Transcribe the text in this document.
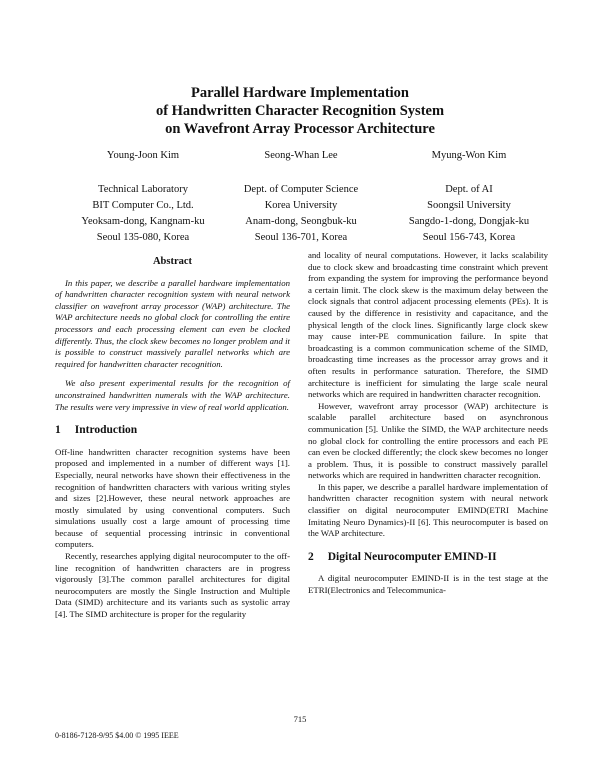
Parallel Hardware Implementation
of Handwritten Character Recognition System
on Wavefront Array Processor Architecture
Young-Joon Kim
Technical Laboratory
BIT Computer Co., Ltd.
Yeoksam-dong, Kangnam-ku
Seoul 135-080, Korea
Seong-Whan Lee
Dept. of Computer Science
Korea University
Anam-dong, Seongbuk-ku
Seoul 136-701, Korea
Myung-Won Kim
Dept. of AI
Soongsil University
Sangdo-1-dong, Dongjak-ku
Seoul 156-743, Korea
Abstract

In this paper, we describe a parallel hardware implementation of handwritten character recognition system with neural network classifier on wavefront array processor (WAP) architecture. The WAP architecture needs no global clock for controlling the entire processors and each processing element can even be clocked differently. Thus, the clock skew becomes no longer problem and it is possible to construct massively parallel networks which are required for handwritten character recognition.

We also present experimental results for the recognition of unconstrained handwritten numerals with the WAP architecture. The results were very impressive in view of real world application.

1 Introduction

Off-line handwritten character recognition systems have been proposed and implemented in a number of different ways [1]. Especially, neural networks have shown their effectiveness in the recognition of handwritten characters with various writing styles and sizes [2].However, these neural network approaches are mostly simulated by using conventional computers. Such simulations usually cost a large amount of processing time because of sequential processing intrinsic in conventional computers.

Recently, researches applying digital neurocomputer to the off-line recognition of handwritten characters are in progress vigorously [3].The common parallel architectures for digital neurocomputers are mostly the Single Instruction and Multiple Data (SIMD) architecture and its variants such as systolic array [4]. The SIMD architecture is proper for the regularity

and locality of neural computations. However, it lacks scalability due to clock skew and broadcasting time constraint which prevent from expanding the system for improving the performance beyond a certain limit. The clock skew is the maximum delay between the clock signals that control adjacent processing elements (PEs). It is caused by the difference in resistivity and capacitance, and the physical length of the clock lines. Significantly large clock skew may cause inter-PE communication failure. In spite that broadcasting is a common communication scheme of the SIMD, broadcasting time increases as the processor array grows and it often results in performance saturation. Therefore, the SIMD architecture is inefficient for simulating the large scale neural networks which are required in handwritten character recognition.

However, wavefront array processor (WAP) architecture is scalable parallel architecture based on asynchronous communication [5]. Unlike the SIMD, the WAP architecture needs no global clock for controlling the entire processors and each PE can even be clocked differently; the clock skew becomes no longer a problem. Thus, it is possible to construct massively parallel networks which are required in handwritten character recognition.

In this paper, we describe a parallel hardware implementation of handwritten character recognition system with neural network classifier on digital neurocomputer EMIND(ETRI Machine Imitating Neuro Dynamics)-II [6]. This neurocomputer is based on the WAP architecture.

2 Digital Neurocomputer EMIND-II

A digital neurocomputer EMIND-II is in the test stage at the ETRI(Electronics and Telecommunica-

715
0-8186-7128-9/95 $4.00 © 1995 IEEE
